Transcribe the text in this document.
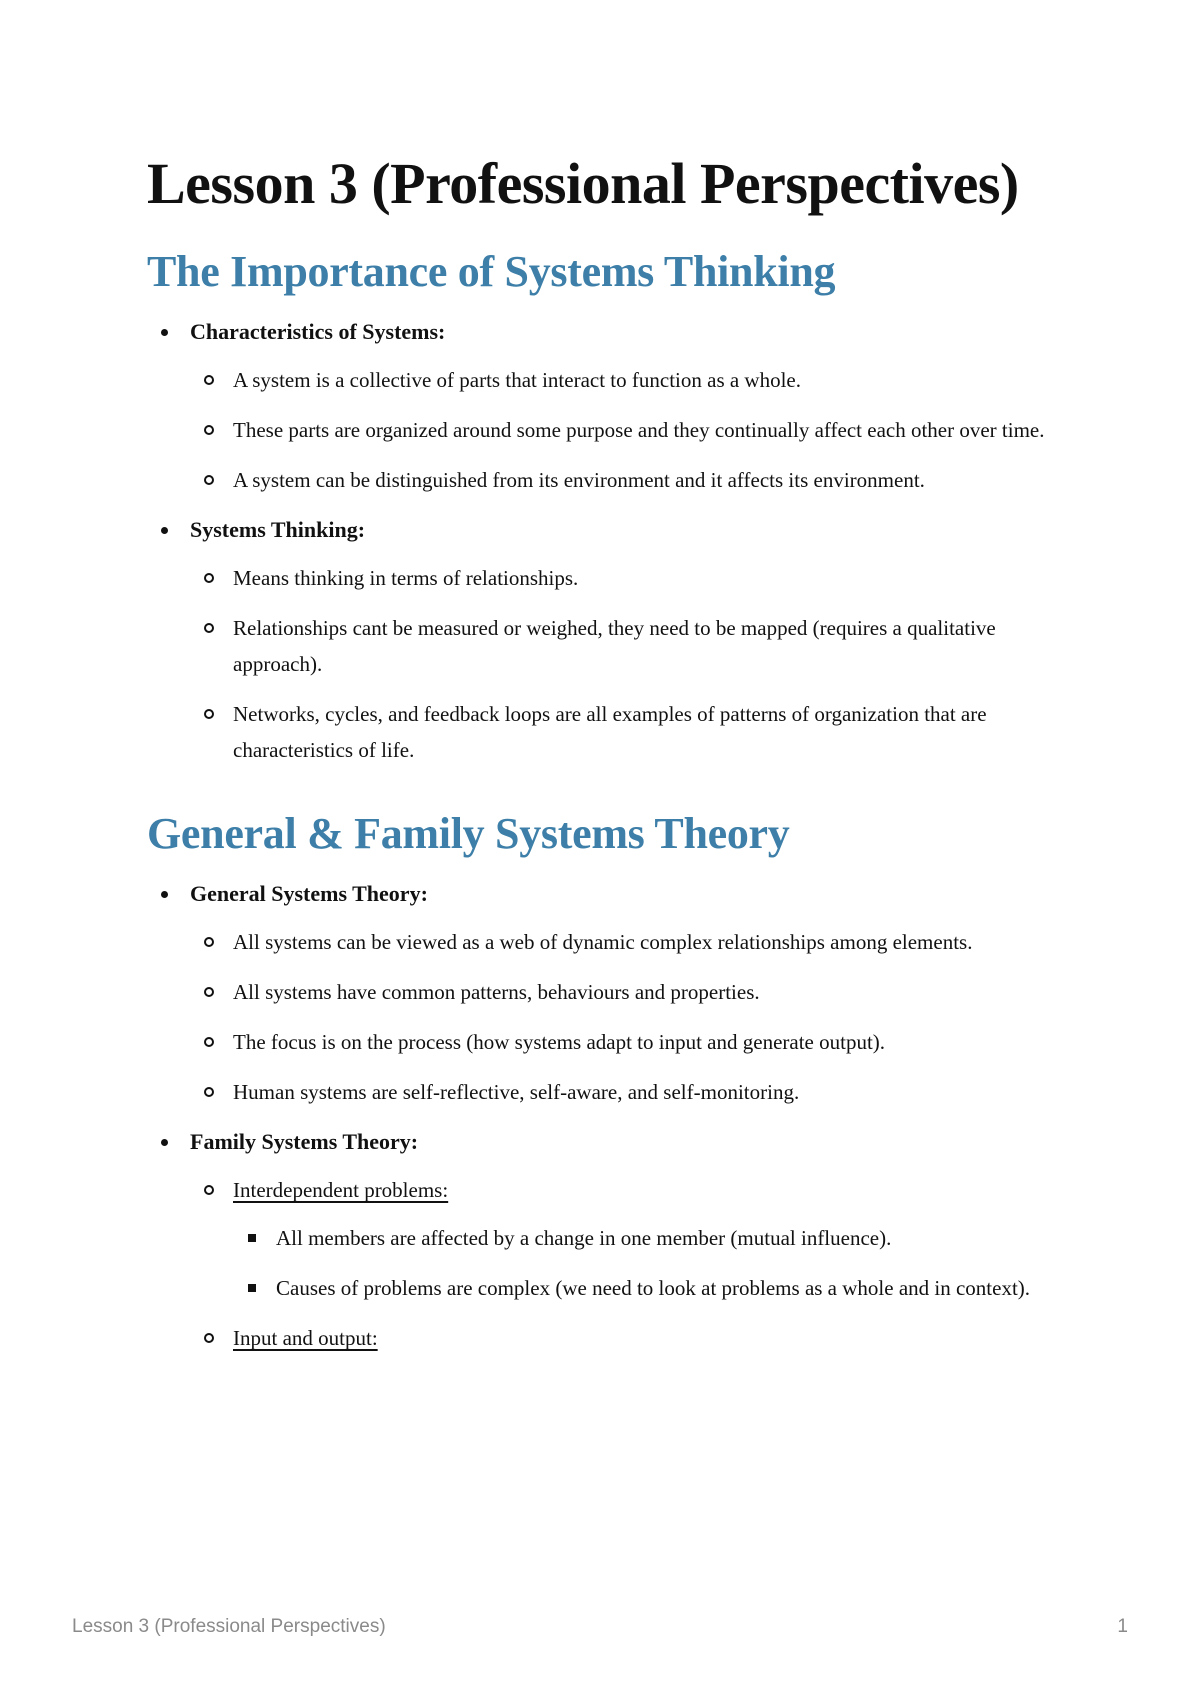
Lesson 3 (Professional Perspectives)
The Importance of Systems Thinking
Characteristics of Systems:
A system is a collective of parts that interact to function as a whole.
These parts are organized around some purpose and they continually affect each other over time.
A system can be distinguished from its environment and it affects its environment.
Systems Thinking:
Means thinking in terms of relationships.
Relationships cant be measured or weighed, they need to be mapped (requires a qualitative approach).
Networks, cycles, and feedback loops are all examples of patterns of organization that are characteristics of life.
General & Family Systems Theory
General Systems Theory:
All systems can be viewed as a web of dynamic complex relationships among elements.
All systems have common patterns, behaviours and properties.
The focus is on the process (how systems adapt to input and generate output).
Human systems are self-reflective, self-aware, and self-monitoring.
Family Systems Theory:
Interdependent problems:
All members are affected by a change in one member (mutual influence).
Causes of problems are complex (we need to look at problems as a whole and in context).
Input and output:
Lesson 3 (Professional Perspectives)	1
